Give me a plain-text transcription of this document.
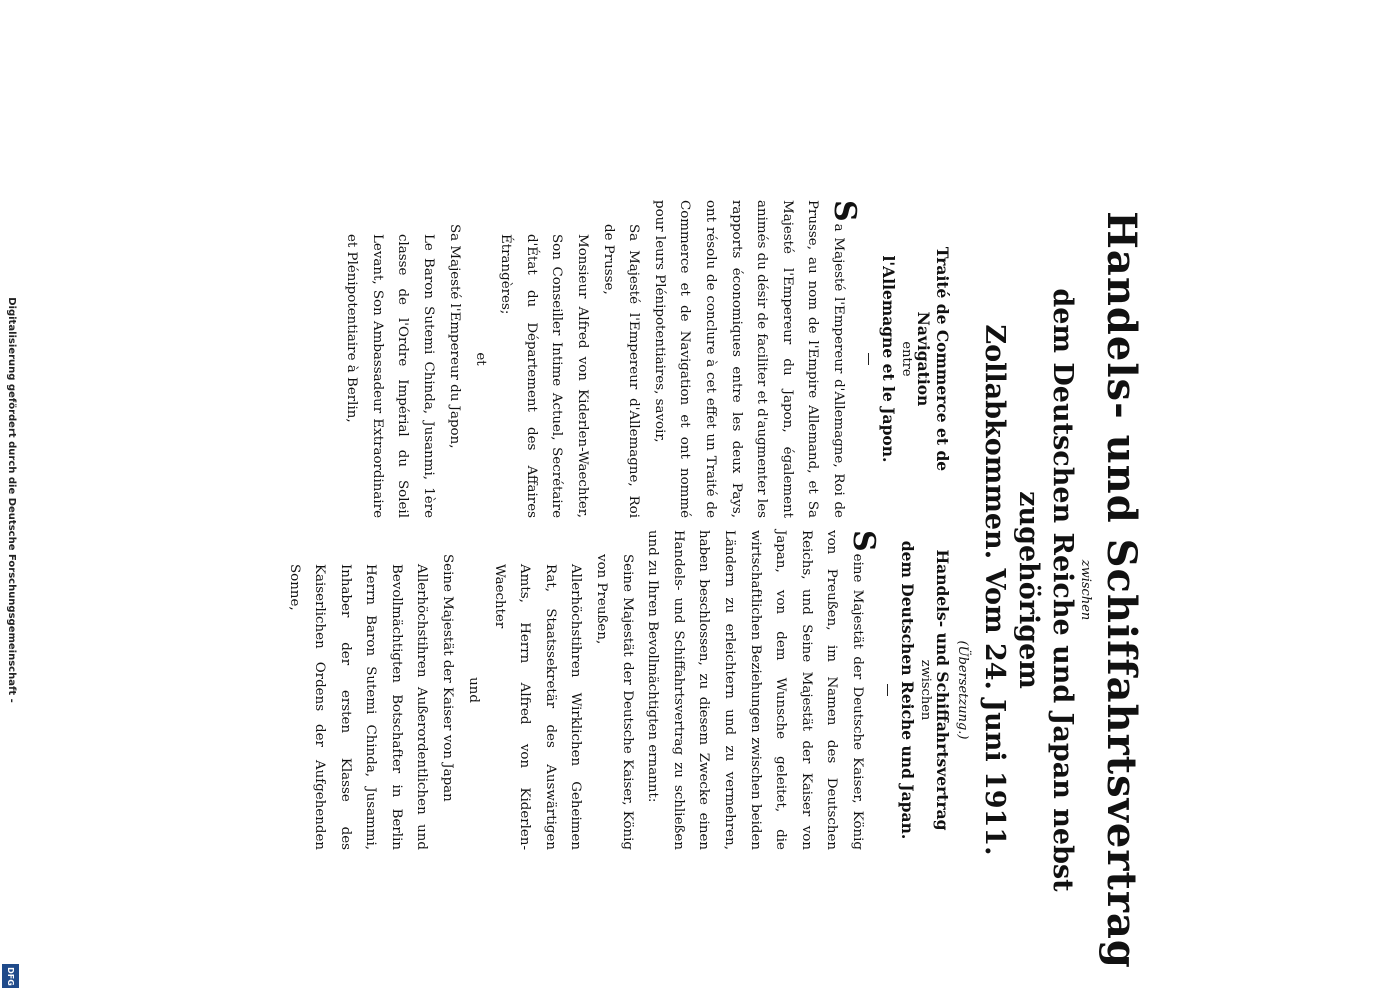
Digitalisierung gefördert durch die Deutsche Forschungsgemeinschaft -
DFG
Handels- und Schiffahrtsvertrag
zwischen
dem Deutschen Reiche und Japan nebst zugehörigem
Zollabkommen. Vom 24. Juni 1911.
Traité de Commerce et de Navigation
entre
l'Allemagne et le Japon.

Sa Majesté l'Empereur d'Allemagne, Roi de Prusse, au nom de l'Empire Allemand, et Sa Majesté l'Empereur du Japon, également animés du désir de faciliter et d'augmenter les rapports économiques entre les deux Pays, ont résolu de conclure à cet effet un Traité de Commerce et de Navigation et ont nommé pour leurs Plénipotentiaires, savoir,

Sa Majesté l'Empereur d'Allemagne, Roi de Prusse,

Monsieur Alfred von Kiderlen-Waechter, Son Conseiller Intime Actuel, Secrétaire d'État du Département des Affaires Étrangères;

et

Sa Majesté l'Empereur du Japon,

Le Baron Sutemi Chinda, Jusanmi, 1ère classe de l'Ordre Impérial du Soleil Levant, Son Ambassadeur Extraordinaire et Plénipotentiaire à Berlin,

(Übersetzung.)
Handels- und Schiffahrtsvertrag
zwischen
dem Deutschen Reiche und Japan.

Seine Majestät der Deutsche Kaiser, König von Preußen, im Namen des Deutschen Reichs, und Seine Majestät der Kaiser von Japan, von dem Wunsche geleitet, die wirtschaftlichen Beziehungen zwischen beiden Ländern zu erleichtern und zu vermehren, haben beschlossen, zu diesem Zwecke einen Handels- und Schiffahrtsvertrag zu schließen und zu Ihren Bevollmächtigten ernannt:

Seine Majestät der Deutsche Kaiser, König von Preußen,

Allerhöchstihren Wirklichen Geheimen Rat, Staatssekretär des Auswärtigen Amts, Herrn Alfred von Kiderlen-Waechter

und

Seine Majestät der Kaiser von Japan

Allerhöchstihren Außerordentlichen und Bevollmächtigten Botschafter in Berlin Herrn Baron Sutemi Chinda, Jusammi, Inhaber der ersten Klasse des Kaiserlichen Ordens der Aufgehenden Sonne,
